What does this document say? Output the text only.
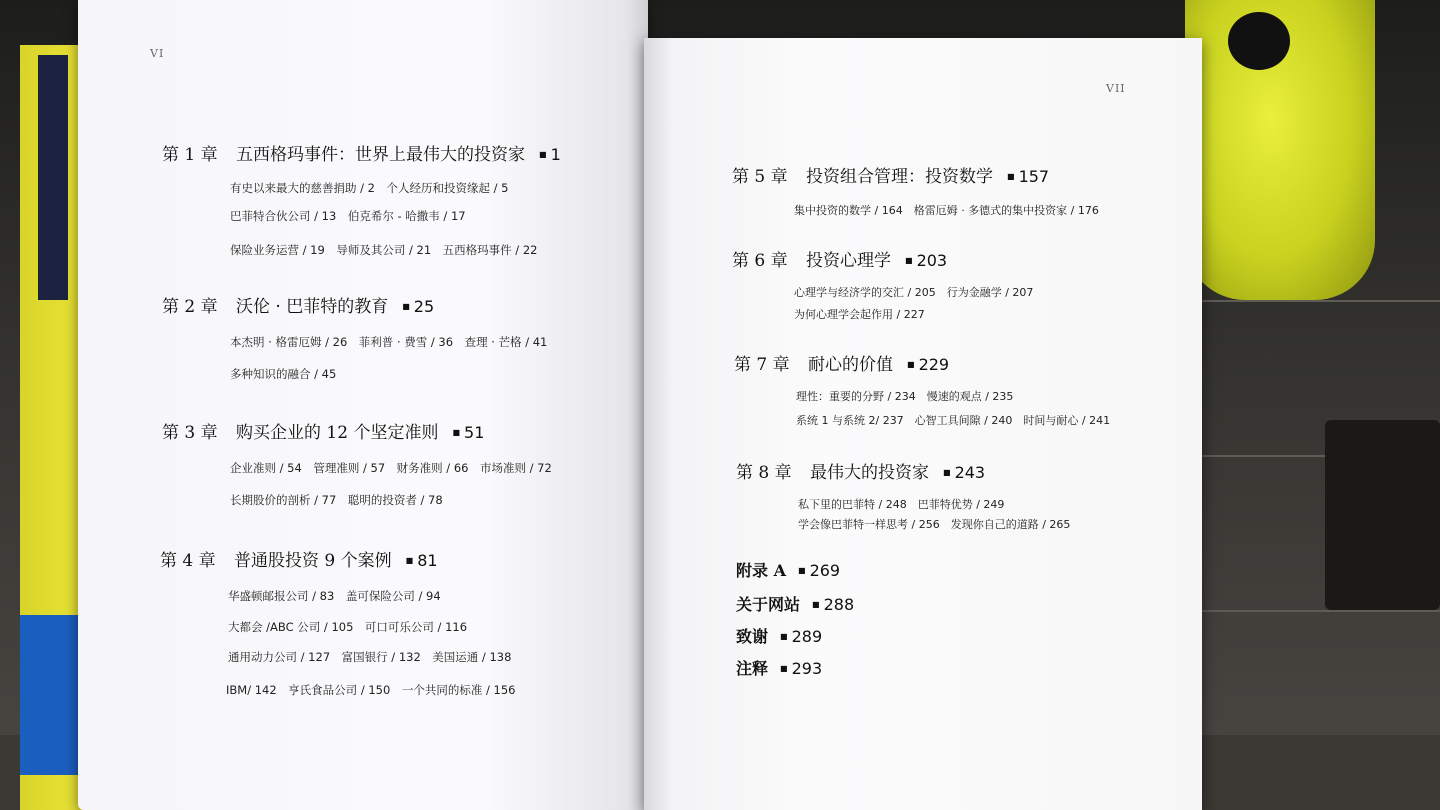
VI
第 1 章 五西格玛事件：世界上最伟大的投资家 ■ 1
有史以来最大的慈善捐助 / 2　个人经历和投资缘起 / 5
巴菲特合伙公司 / 13　伯克希尔 - 哈撒韦 / 17
保险业务运营 / 19　导师及其公司 / 21　五西格玛事件 / 22
第 2 章 沃伦 · 巴菲特的教育 ■ 25
本杰明 · 格雷厄姆 / 26　菲利普 · 费雪 / 36　查理 · 芒格 / 41
多种知识的融合 / 45
第 3 章 购买企业的 12 个坚定准则 ■ 51
企业准则 / 54　管理准则 / 57　财务准则 / 66　市场准则 / 72
长期股价的剖析 / 77　聪明的投资者 / 78
第 4 章 普通股投资 9 个案例 ■ 81
华盛顿邮报公司 / 83　盖可保险公司 / 94
大都会 /ABC 公司 / 105　可口可乐公司 / 116
通用动力公司 / 127　富国银行 / 132　美国运通 / 138
IBM/ 142　亨氏食品公司 / 150　一个共同的标准 / 156
VII
第 5 章 投资组合管理：投资数学 ■ 157
集中投资的数学 / 164　格雷厄姆 · 多德式的集中投资家 / 176
第 6 章 投资心理学 ■ 203
心理学与经济学的交汇 / 205　行为金融学 / 207
为何心理学会起作用 / 227
第 7 章 耐心的价值 ■ 229
理性：重要的分野 / 234　慢速的观点 / 235
系统 1 与系统 2/ 237　心智工具间隙 / 240　时间与耐心 / 241
第 8 章 最伟大的投资家 ■ 243
私下里的巴菲特 / 248　巴菲特优势 / 249
学会像巴菲特一样思考 / 256　发现你自己的道路 / 265
附录 A ■ 269
关于网站 ■ 288
致谢 ■ 289
注释 ■ 293
